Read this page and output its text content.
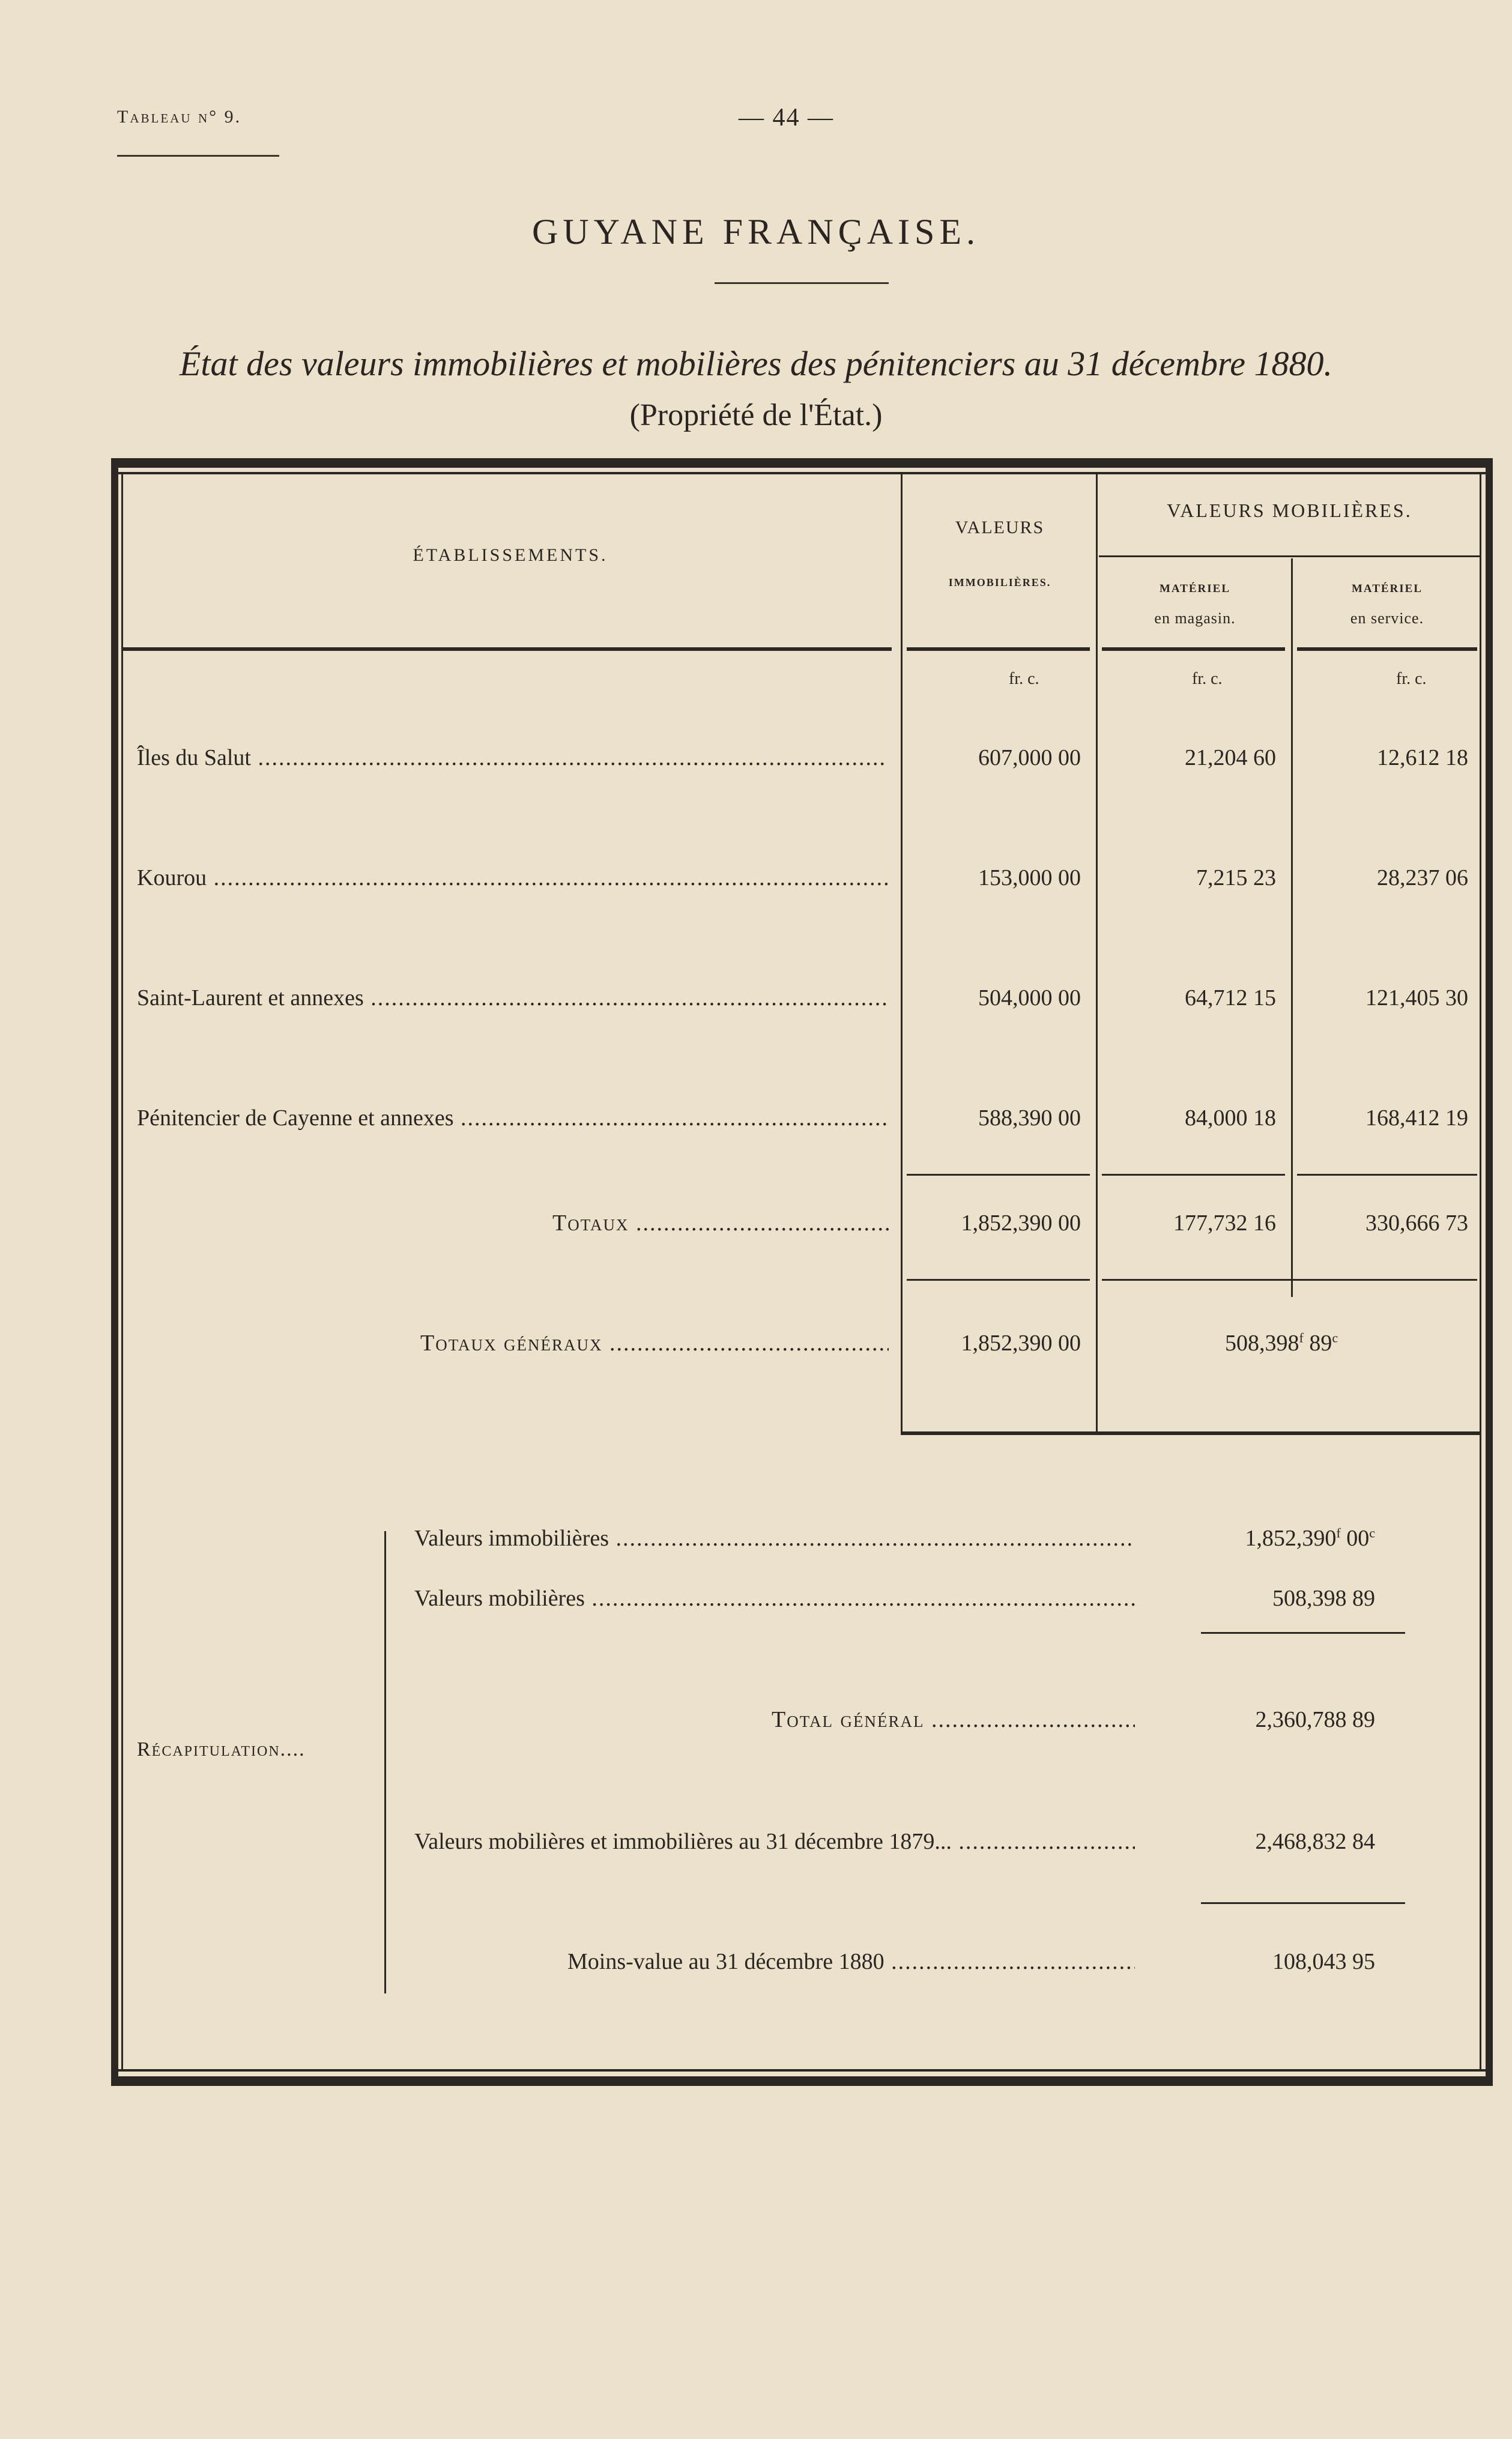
Tableau n° 9.	— 44 —
GUYANE FRANÇAISE.
État des valeurs immobilières et mobilières des pénitenciers au 31 décembre 1880.
(Propriété de l'État.)
ÉTABLISSEMENTS.
VALEURS
IMMOBILIÈRES.
VALEURS MOBILIÈRES.
MATÉRIEL
en magasin.
MATÉRIEL
en service.
fr. c.	fr. c.	fr. c.
Îles du Salut .....	607,000 00	21,204 60	12,612 18
Kourou .....	153,000 00	7,215 23	28,237 06
Saint-Laurent et annexes .....	504,000 00	64,712 15	121,405 30
Pénitencier de Cayenne et annexes .....	588,390 00	84,000 18	168,412 19
Totaux .....	1,852,390 00	177,732 16	330,666 73
Totaux généraux .....	1,852,390 00	508,398$^f$ 89$^c$
Récapitulation....
Valeurs immobilières .....	1,852,390$^f$ 00$^c$
Valeurs mobilières .....	508,398 89
Total général .....	2,360,788 89
Valeurs mobilières et immobilières au 31 décembre 1879... .....	2,468,832 84
Moins-value au 31 décembre 1880 .....	108,043 95
